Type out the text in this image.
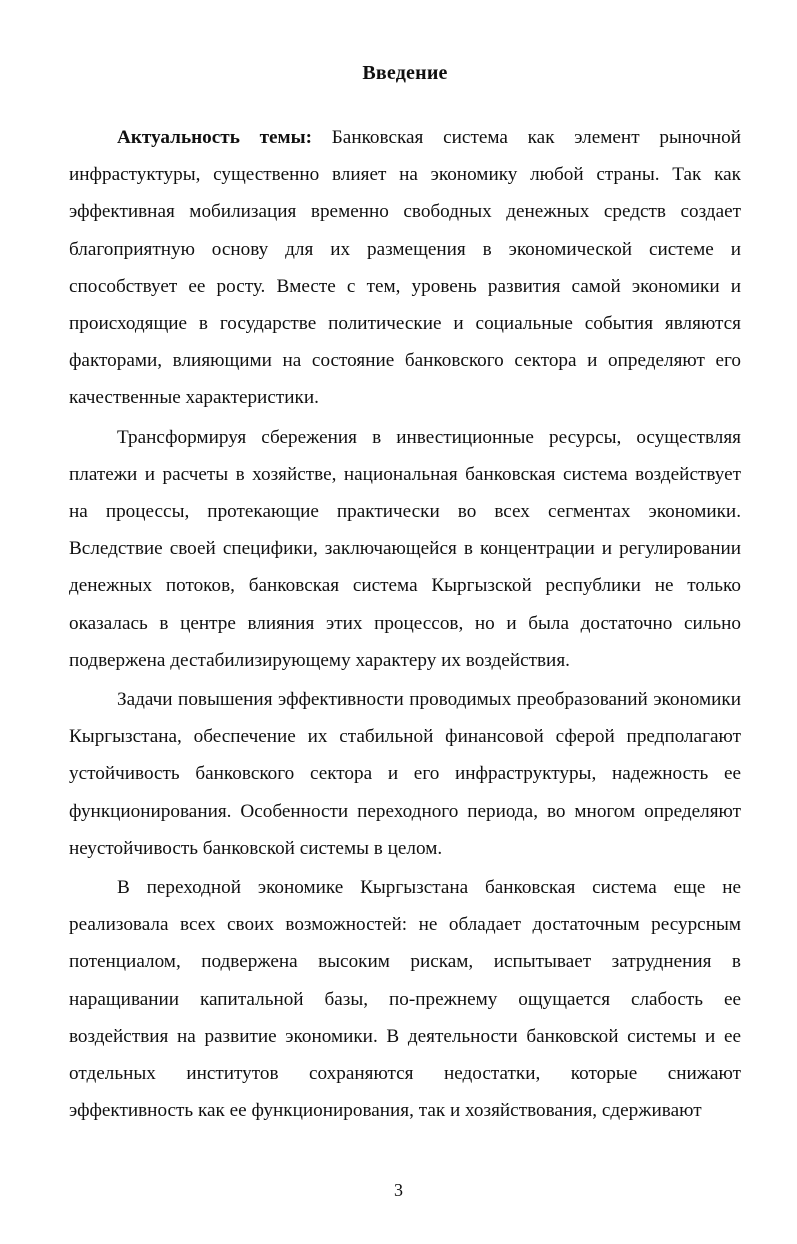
Введение

Актуальность темы: Банковская система как элемент рыночной инфрастуктуры, существенно влияет на экономику любой страны. Так как эффективная мобилизация временно свободных денежных средств создает благоприятную основу для их размещения в экономической системе и способствует ее росту. Вместе с тем, уровень развития самой экономики и происходящие в государстве политические и социальные события являются факторами, влияющими на состояние банковского сектора и определяют его качественные характеристики.

Трансформируя сбережения в инвестиционные ресурсы, осуществляя платежи и расчеты в хозяйстве, национальная банковская система воздействует на процессы, протекающие практически во всех сегментах экономики. Вследствие своей специфики, заключающейся в концентрации и регулировании денежных потоков, банковская система Кыргызской республики не только оказалась в центре влияния этих процессов, но и была достаточно сильно подвержена дестабилизирующему характеру их воздействия.

Задачи повышения эффективности проводимых преобразований экономики Кыргызстана, обеспечение их стабильной финансовой сферой предполагают устойчивость банковского сектора и его инфраструктуры, надежность ее функционирования. Особенности переходного периода, во многом определяют неустойчивость банковской системы в целом.

В переходной экономике Кыргызстана банковская система еще не реализовала всех своих возможностей: не обладает достаточным ресурсным потенциалом, подвержена высоким рискам, испытывает затруднения в наращивании капитальной базы, по-прежнему ощущается слабость ее воздействия на развитие экономики. В деятельности банковской системы и ее отдельных институтов сохраняются недостатки, которые снижают эффективность как ее функционирования, так и хозяйствования, сдерживают

3
